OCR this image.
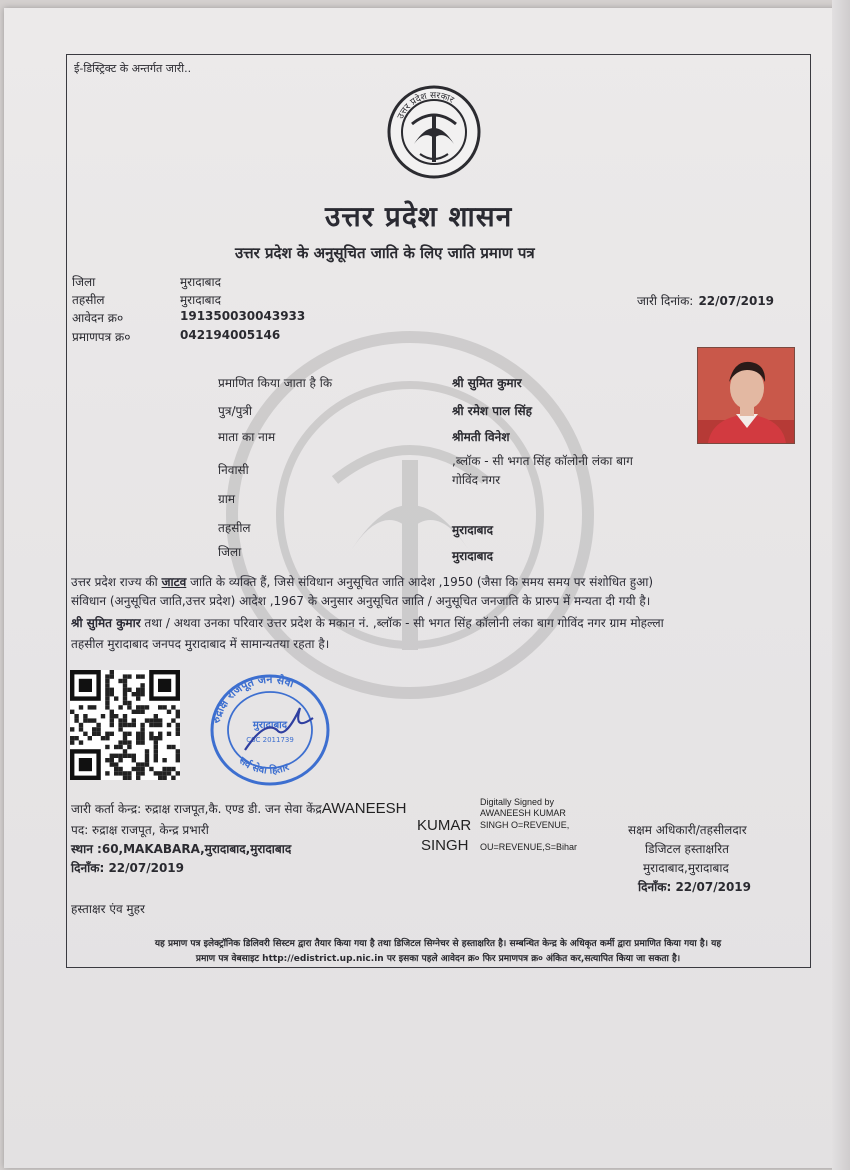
ई-डिस्ट्रिक्ट के अन्तर्गत जारी..
उत्तर प्रदेश सरकार
उत्तर प्रदेश शासन
उत्तर प्रदेश के अनुसूचित जाति के लिए जाति प्रमाण पत्र
जिला	मुरादाबाद
तहसील	मुरादाबाद
आवेदन क्र०	191350030043933
प्रमाणपत्र क्र०	042194005146
जारी दिनांक: 22/07/2019
प्रमाणित किया जाता है कि	श्री सुमित कुमार
पुत्र/पुत्री	श्री रमेश पाल सिंह
माता का नाम	श्रीमती विनेश
निवासी
,ब्लॉक - सी भगत सिंह कॉलोनी लंका बाग
गोविंद नगर
ग्राम
तहसील	मुरादाबाद
जिला	मुरादाबाद
उत्तर प्रदेश राज्य की जाटव जाति के व्यक्ति हैं, जिसे संविधान अनुसूचित जाति आदेश ,1950 (जैसा कि समय समय पर संशोधित हुआ)
संविधान (अनुसूचित जाति,उत्तर प्रदेश) आदेश ,1967 के अनुसार अनुसूचित जाति / अनुसूचित जनजाति के प्रारुप में मन्यता दी गयी है।
श्री सुमित कुमार तथा / अथवा उनका परिवार उत्तर प्रदेश के मकान नं. ,ब्लॉक - सी भगत सिंह कॉलोनी लंका बाग गोविंद नगर ग्राम मोहल्ला
तहसील मुरादाबाद जनपद मुरादाबाद में सामान्यतया रहता है।
रुद्राक्ष राजपूत जन सेवा
सर्व सेवा हितार
मुरादाबाद
CSC 2011739
जारी कर्ता केन्द्र: रुद्राक्ष राजपूत,कै. एण्ड डी. जन सेवा केंद्रAWANEESH
पद: रुद्राक्ष राजपूत, केन्द्र प्रभारी
स्थान :60,MAKABARA,मुरादाबाद,मुरादाबाद
दिनाँक: 22/07/2019
हस्ताक्षर एंव मुहर
KUMAR
SINGH
Digitally Signed by
AWANEESH KUMAR
SINGH O=REVENUE,
OU=REVENUE,S=Bihar
सक्षम अधिकारी/तहसीलदार
डिजिटल हस्ताक्षरित
मुरादाबाद,मुरादाबाद
दिनाँक: 22/07/2019
यह प्रमाण पत्र इलेक्ट्रॉनिक डिलिवरी सिस्टम द्वारा तैयार किया गया है तथा डिजिटल सिग्नेचर से हस्ताक्षरित है। सम्बन्धित केन्द्र के अधिकृत कर्मी द्वारा प्रमाणित किया गया है। यह
प्रमाण पत्र वेबसाइट http://edistrict.up.nic.in पर इसका पहले आवेदन क्र० फिर प्रमाणपत्र क्र० अंकित कर,सत्यापित किया जा सकता है।
